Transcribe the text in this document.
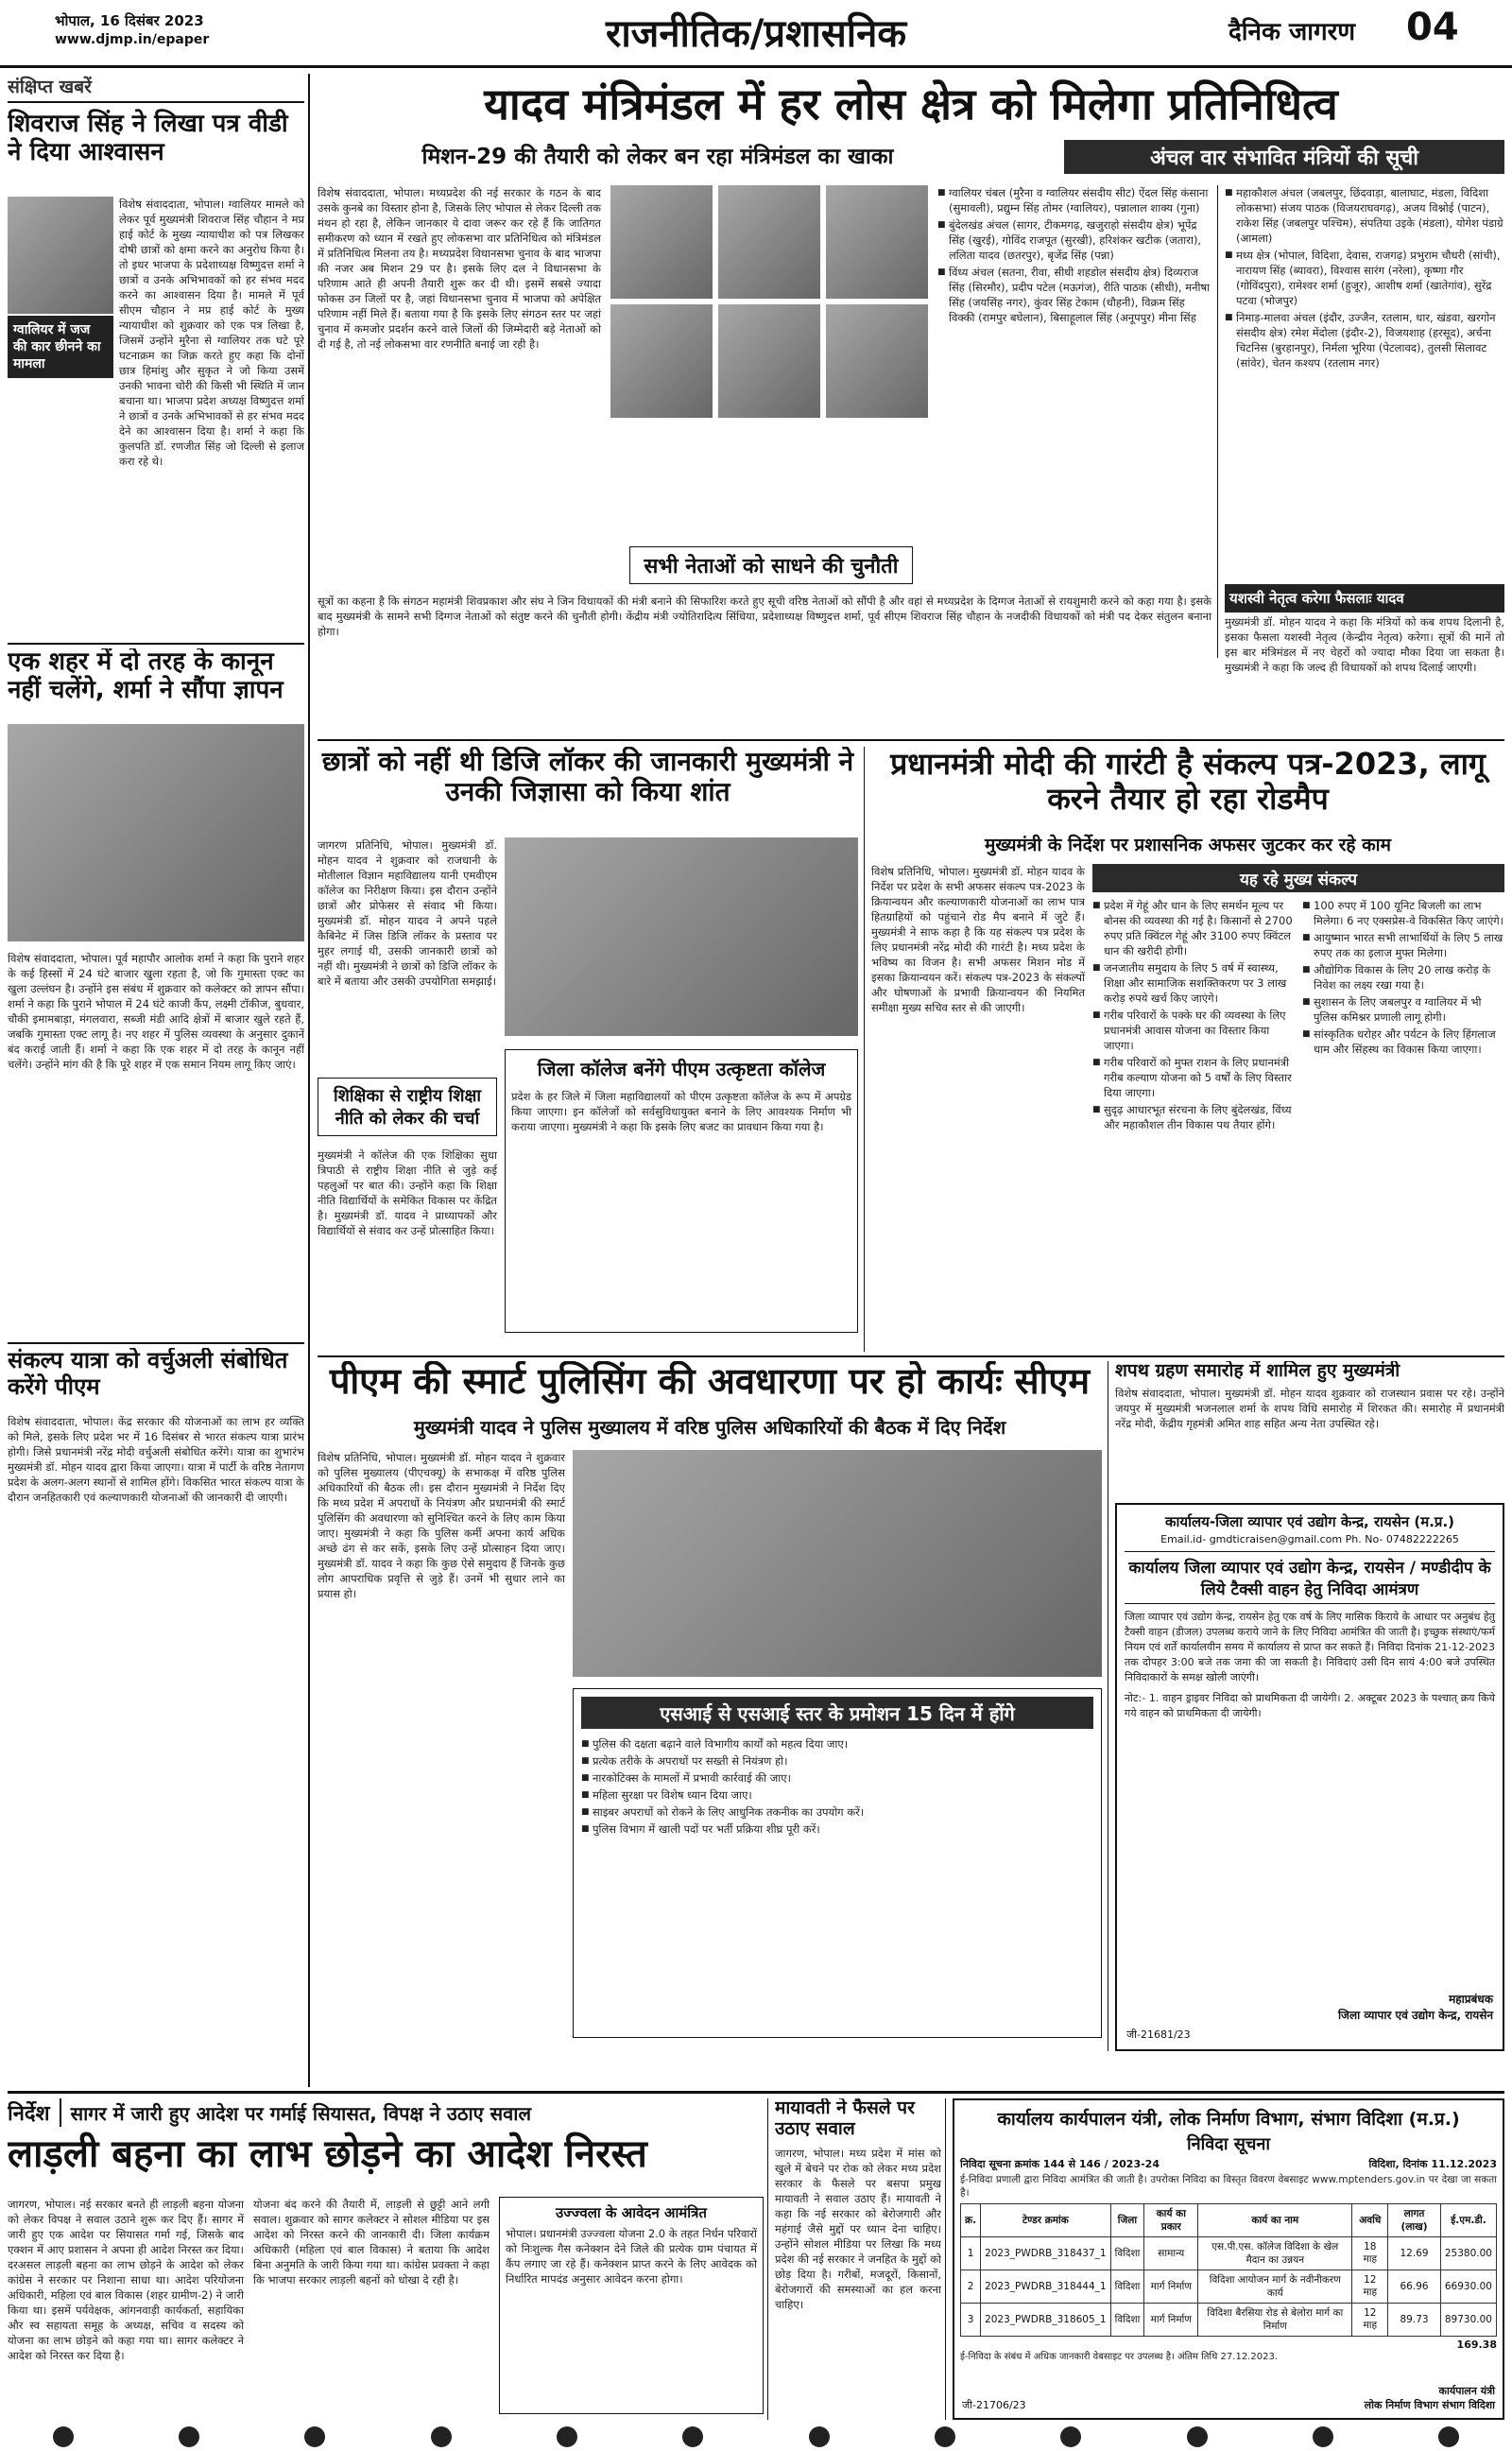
भोपाल, 16 दिसंबर 2023
www.djmp.in/epaper	राजनीतिक/प्रशासनिक	दैनिक जागरण 04
संक्षिप्त खबरें
शिवराज सिंह ने लिखा पत्र वीडी ने दिया आश्वासन
ग्वालियर में जज की कार छीनने का मामला
विशेष संवाददाता, भोपाल। ग्वालियर मामले को लेकर पूर्व मुख्यमंत्री शिवराज सिंह चौहान ने मप्र हाई कोर्ट के मुख्य न्यायाधीश को पत्र लिखकर दोषी छात्रों को क्षमा करने का अनुरोध किया है। तो इधर भाजपा के प्रदेशाध्यक्ष विष्णुदत्त शर्मा ने छात्रों व उनके अभिभावकों को हर संभव मदद करने का आश्वासन दिया है। मामले में पूर्व सीएम चौहान ने मप्र हाई कोर्ट के मुख्य न्यायाधीश को शुक्रवार को एक पत्र लिखा है, जिसमें उन्होंने मुरैना से ग्वालियर तक घटे पूरे घटनाक्रम का जिक्र करते हुए कहा कि दोनों छात्र हिमांशु और सुकृत ने जो किया उसमें उनकी भावना चोरी की किसी भी स्थिति में जान बचाना था। भाजपा प्रदेश अध्यक्ष विष्णुदत्त शर्मा ने छात्रों व उनके अभिभावकों से हर संभव मदद देने का आश्वासन दिया है। शर्मा ने कहा कि कुलपति डॉ. रणजीत सिंह जो दिल्ली से इलाज करा रहे थे।
एक शहर में दो तरह के कानून नहीं चलेंगे, शर्मा ने सौंपा ज्ञापन
विशेष संवाददाता, भोपाल। पूर्व महापौर आलोक शर्मा ने कहा कि पुराने शहर के कई हिस्सों में 24 घंटे बाजार खुला रहता है, जो कि गुमास्ता एक्ट का खुला उल्लंघन है। उन्होंने इस संबंध में शुक्रवार को कलेक्टर को ज्ञापन सौंपा। शर्मा ने कहा कि पुराने भोपाल में 24 घंटे काजी कैंप, लक्ष्मी टॉकीज, बुधवार, चौकी इमामबाड़ा, मंगलवारा, सब्जी मंडी आदि क्षेत्रों में बाजार खुले रहते हैं, जबकि गुमास्ता एक्ट लागू है। नए शहर में पुलिस व्यवस्था के अनुसार दुकानें बंद कराई जाती हैं। शर्मा ने कहा कि एक शहर में दो तरह के कानून नहीं चलेंगे। उन्होंने मांग की है कि पूरे शहर में एक समान नियम लागू किए जाएं।
संकल्प यात्रा को वर्चुअली संबोधित करेंगे पीएम
विशेष संवाददाता, भोपाल। केंद्र सरकार की योजनाओं का लाभ हर व्यक्ति को मिले, इसके लिए प्रदेश भर में 16 दिसंबर से भारत संकल्प यात्रा प्रारंभ होगी। जिसे प्रधानमंत्री नरेंद्र मोदी वर्चुअली संबोधित करेंगे। यात्रा का शुभारंभ मुख्यमंत्री डॉ. मोहन यादव द्वारा किया जाएगा। यात्रा में पार्टी के वरिष्ठ नेतागण प्रदेश के अलग-अलग स्थानों से शामिल होंगे। विकसित भारत संकल्प यात्रा के दौरान जनहितकारी एवं कल्याणकारी योजनाओं की जानकारी दी जाएगी।
यादव मंत्रिमंडल में हर लोस क्षेत्र को मिलेगा प्रतिनिधित्व
मिशन-29 की तैयारी को लेकर बन रहा मंत्रिमंडल का खाका	अंचल वार संभावित मंत्रियों की सूची
विशेष संवाददाता, भोपाल। मध्यप्रदेश की नई सरकार के गठन के बाद उसके कुनबे का विस्तार होना है, जिसके लिए भोपाल से लेकर दिल्ली तक मंथन हो रहा है, लेकिन जानकार ये दावा जरूर कर रहे हैं कि जातिगत समीकरण को ध्यान में रखते हुए लोकसभा वार प्रतिनिधित्व को मंत्रिमंडल में प्रतिनिधित्व मिलना तय है। मध्यप्रदेश विधानसभा चुनाव के बाद भाजपा की नजर अब मिशन 29 पर है। इसके लिए दल ने विधानसभा के परिणाम आते ही अपनी तैयारी शुरू कर दी थी। इसमें सबसे ज्यादा फोकस उन जिलों पर है, जहां विधानसभा चुनाव में भाजपा को अपेक्षित परिणाम नहीं मिले हैं। बताया गया है कि इसके लिए संगठन स्तर पर जहां चुनाव में कमजोर प्रदर्शन करने वाले जिलों की जिम्मेदारी बड़े नेताओं को दी गई है, तो नई लोकसभा वार रणनीति बनाई जा रही है।
■ ग्वालियर चंबल (मुरैना व ग्वालियर संसदीय सीट) ऐंदल सिंह कंसाना (सुमावली), प्रद्युम्न सिंह तोमर (ग्वालियर), पन्नालाल शाक्य (गुना)
■ बुंदेलखंड अंचल (सागर, टीकमगढ़, खजुराहो संसदीय क्षेत्र) भूपेंद्र सिंह (खुरई), गोविंद राजपूत (सुरखी), हरिशंकर खटीक (जतारा), ललिता यादव (छतरपुर), बृजेंद्र सिंह (पन्ना)
■ विंध्य अंचल (सतना, रीवा, सीधी शहडोल संसदीय क्षेत्र) दिव्यराज सिंह (सिरमौर), प्रदीप पटेल (मऊगंज), रीति पाठक (सीधी), मनीषा सिंह (जयसिंह नगर), कुंवर सिंह टेकाम (धौहनी), विक्रम सिंह विक्की (रामपुर बघेलान), बिसाहूलाल सिंह (अनूपपुर) मीना सिंह
■ महाकौशल अंचल (जबलपुर, छिंदवाड़ा, बालाघाट, मंडला, विदिशा लोकसभा) संजय पाठक (विजयराघवगढ़), अजय विश्नोई (पाटन), राकेश सिंह (जबलपुर पश्चिम), संपतिया उइके (मंडला), योगेश पंडाग्रे (आमला)
■ मध्य क्षेत्र (भोपाल, विदिशा, देवास, राजगढ़) प्रभुराम चौधरी (सांची), नारायण सिंह (ब्यावरा), विश्वास सारंग (नरेला), कृष्णा गौर (गोविंदपुरा), रामेश्वर शर्मा (हुजूर), आशीष शर्मा (खातेगांव), सुरेंद्र पटवा (भोजपुर)
■ निमाड़-मालवा अंचल (इंदौर, उज्जैन, रतलाम, धार, खंडवा, खरगोन संसदीय क्षेत्र) रमेश मेंदोला (इंदौर-2), विजयशाह (हरसूद), अर्चना चिटनिस (बुरहानपुर), निर्मला भूरिया (पेटलावद), तुलसी सिलावट (सांवेर), चेतन कश्यप (रतलाम नगर)
सभी नेताओं को साधने की चुनौती
सूत्रों का कहना है कि संगठन महामंत्री शिवप्रकाश और संघ ने जिन विधायकों की मंत्री बनाने की सिफारिश करते हुए सूची वरिष्ठ नेताओं को सौंपी है और वहां से मध्यप्रदेश के दिग्गज नेताओं से रायशुमारी करने को कहा गया है। इसके बाद मुख्यमंत्री के सामने सभी दिग्गज नेताओं को संतुष्ट करने की चुनौती होगी। केंद्रीय मंत्री ज्योतिरादित्य सिंधिया, प्रदेशाध्यक्ष विष्णुदत्त शर्मा, पूर्व सीएम शिवराज सिंह चौहान के नजदीकी विधायकों को मंत्री पद देकर संतुलन बनाना होगा।
यशस्वी नेतृत्व करेगा फैसलाः यादव
मुख्यमंत्री डॉ. मोहन यादव ने कहा कि मंत्रियों को कब शपथ दिलानी है, इसका फैसला यशस्वी नेतृत्व (केन्द्रीय नेतृत्व) करेगा। सूत्रों की मानें तो इस बार मंत्रिमंडल में नए चेहरों को ज्यादा मौका दिया जा सकता है। मुख्यमंत्री ने कहा कि जल्द ही विधायकों को शपथ दिलाई जाएगी।
छात्रों को नहीं थी डिजि लॉकर की जानकारी मुख्यमंत्री ने उनकी जिज्ञासा को किया शांत
जागरण प्रतिनिधि, भोपाल। मुख्यमंत्री डॉ. मोहन यादव ने शुक्रवार को राजधानी के मोतीलाल विज्ञान महाविद्यालय यानी एमवीएम कॉलेज का निरीक्षण किया। इस दौरान उन्होंने छात्रों और प्रोफेसर से संवाद भी किया। मुख्यमंत्री डॉ. मोहन यादव ने अपने पहले कैबिनेट में जिस डिजि लॉकर के प्रस्ताव पर मुहर लगाई थी, उसकी जानकारी छात्रों को नहीं थी। मुख्यमंत्री ने छात्रों को डिजि लॉकर के बारे में बताया और उसकी उपयोगिता समझाई।
शिक्षिका से राष्ट्रीय शिक्षा नीति को लेकर की चर्चा
मुख्यमंत्री ने कॉलेज की एक शिक्षिका सुधा त्रिपाठी से राष्ट्रीय शिक्षा नीति से जुड़े कई पहलुओं पर बात की। उन्होंने कहा कि शिक्षा नीति विद्यार्थियों के समेकित विकास पर केंद्रित है। मुख्यमंत्री डॉ. यादव ने प्राध्यापकों और विद्यार्थियों से संवाद कर उन्हें प्रोत्साहित किया।
जिला कॉलेज बनेंगे पीएम उत्कृष्टता कॉलेज
प्रदेश के हर जिले में जिला महाविद्यालयों को पीएम उत्कृष्टता कॉलेज के रूप में अपग्रेड किया जाएगा। इन कॉलेजों को सर्वसुविधायुक्त बनाने के लिए आवश्यक निर्माण भी कराया जाएगा। मुख्यमंत्री ने कहा कि इसके लिए बजट का प्रावधान किया गया है।
प्रधानमंत्री मोदी की गारंटी है संकल्प पत्र-2023, लागू करने तैयार हो रहा रोडमैप
मुख्यमंत्री के निर्देश पर प्रशासनिक अफसर जुटकर कर रहे काम
विशेष प्रतिनिधि, भोपाल। मुख्यमंत्री डॉ. मोहन यादव के निर्देश पर प्रदेश के सभी अफसर संकल्प पत्र-2023 के क्रियान्वयन और कल्याणकारी योजनाओं का लाभ पात्र हितग्राहियों को पहुंचाने रोड मैप बनाने में जुटे हैं। मुख्यमंत्री ने साफ कहा है कि यह संकल्प पत्र प्रदेश के लिए प्रधानमंत्री नरेंद्र मोदी की गारंटी है। मध्य प्रदेश के भविष्य का विजन है। सभी अफसर मिशन मोड में इसका क्रियान्वयन करें। संकल्प पत्र-2023 के संकल्पों और घोषणाओं के प्रभावी क्रियान्वयन की नियमित समीक्षा मुख्य सचिव स्तर से की जाएगी।
यह रहे मुख्य संकल्प
■ प्रदेश में गेहूं और धान के लिए समर्थन मूल्य पर बोनस की व्यवस्था की गई है। किसानों से 2700 रुपए प्रति क्विंटल गेहूं और 3100 रुपए क्विंटल धान की खरीदी होगी।
■ जनजातीय समुदाय के लिए 5 वर्ष में स्वास्थ्य, शिक्षा और सामाजिक सशक्तिकरण पर 3 लाख करोड़ रुपये खर्च किए जाएंगे।
■ गरीब परिवारों के पक्के घर की व्यवस्था के लिए प्रधानमंत्री आवास योजना का विस्तार किया जाएगा।
■ गरीब परिवारों को मुफ्त राशन के लिए प्रधानमंत्री गरीब कल्याण योजना को 5 वर्षों के लिए विस्तार दिया जाएगा।
■ सुदृढ़ आधारभूत संरचना के लिए बुंदेलखंड, विंध्य और महाकौशल तीन विकास पथ तैयार होंगे।
■ 100 रुपए में 100 यूनिट बिजली का लाभ मिलेगा। 6 नए एक्सप्रेस-वे विकसित किए जाएंगे।
■ आयुष्मान भारत सभी लाभार्थियों के लिए 5 लाख रुपए तक का इलाज मुफ्त मिलेगा।
■ औद्योगिक विकास के लिए 20 लाख करोड़ के निवेश का लक्ष्य रखा गया है।
■ सुशासन के लिए जबलपुर व ग्वालियर में भी पुलिस कमिश्नर प्रणाली लागू होगी।
■ सांस्कृतिक धरोहर और पर्यटन के लिए हिंगलाज धाम और सिंहस्थ का विकास किया जाएगा।
पीएम की स्मार्ट पुलिसिंग की अवधारणा पर हो कार्यः सीएम
मुख्यमंत्री यादव ने पुलिस मुख्यालय में वरिष्ठ पुलिस अधिकारियों की बैठक में दिए निर्देश
विशेष प्रतिनिधि, भोपाल। मुख्यमंत्री डॉ. मोहन यादव ने शुक्रवार को पुलिस मुख्यालय (पीएचक्यू) के सभाकक्ष में वरिष्ठ पुलिस अधिकारियों की बैठक ली। इस दौरान मुख्यमंत्री ने निर्देश दिए कि मध्य प्रदेश में अपराधों के नियंत्रण और प्रधानमंत्री की स्मार्ट पुलिसिंग की अवधारणा को सुनिश्चित करने के लिए काम किया जाए। मुख्यमंत्री ने कहा कि पुलिस कर्मी अपना कार्य अधिक अच्छे ढंग से कर सकें, इसके लिए उन्हें प्रोत्साहन दिया जाए। मुख्यमंत्री डॉ. यादव ने कहा कि कुछ ऐसे समुदाय हैं जिनके कुछ लोग आपराधिक प्रवृत्ति से जुड़े हैं। उनमें भी सुधार लाने का प्रयास हो।
एसआई से एसआई स्तर के प्रमोशन 15 दिन में होंगे
■ पुलिस की दक्षता बढ़ाने वाले विभागीय कार्यों को महत्व दिया जाए।
■ प्रत्येक तरीके के अपराधों पर सख्ती से नियंत्रण हो।
■ नारकोटिक्स के मामलों में प्रभावी कार्रवाई की जाए।
■ महिला सुरक्षा पर विशेष ध्यान दिया जाए।
■ साइबर अपराधों को रोकने के लिए आधुनिक तकनीक का उपयोग करें।
■ पुलिस विभाग में खाली पदों पर भर्ती प्रक्रिया शीघ्र पूरी करें।
शपथ ग्रहण समारोह में शामिल हुए मुख्यमंत्री
विशेष संवाददाता, भोपाल। मुख्यमंत्री डॉ. मोहन यादव शुक्रवार को राजस्थान प्रवास पर रहे। उन्होंने जयपुर में मुख्यमंत्री भजनलाल शर्मा के शपथ विधि समारोह में शिरकत की। समारोह में प्रधानमंत्री नरेंद्र मोदी, केंद्रीय गृहमंत्री अमित शाह सहित अन्य नेता उपस्थित रहे।
कार्यालय-जिला व्यापार एवं उद्योग केन्द्र, रायसेन (म.प्र.)
Email.id- gmdticraisen@gmail.com Ph. No- 07482222265
कार्यालय जिला व्यापार एवं उद्योग केन्द्र, रायसेन / मण्डीदीप के लिये टैक्सी वाहन हेतु निविदा आमंत्रण
जिला व्यापार एवं उद्योग केन्द्र, रायसेन हेतु एक वर्ष के लिए मासिक किराये के आधार पर अनुबंध हेतु टैक्सी वाहन (डीजल) उपलब्ध कराये जाने के लिए निविदा आमंत्रित की जाती है। इच्छुक संस्थाएं/फर्म नियम एवं शर्तें कार्यालयीन समय में कार्यालय से प्राप्त कर सकते हैं। निविदा दिनांक 21-12-2023 तक दोपहर 3:00 बजे तक जमा की जा सकती है। निविदाएं उसी दिन सायं 4:00 बजे उपस्थित निविदाकारों के समक्ष खोली जाएंगी।
नोट:- 1. वाहन ड्राइवर निविदा को प्राथमिकता दी जायेगी। 2. अक्टूबर 2023 के पश्चात् क्रय किये गये वाहन को प्राथमिकता दी जायेगी।
महाप्रबंधक
जिला व्यापार एवं उद्योग केन्द्र, रायसेन
जी-21681/23
निर्देश	सागर में जारी हुए आदेश पर गर्माई सियासत, विपक्ष ने उठाए सवाल
लाड़ली बहना का लाभ छोड़ने का आदेश निरस्त
जागरण, भोपाल। नई सरकार बनते ही लाड़ली बहना योजना को लेकर विपक्ष ने सवाल उठाने शुरू कर दिए हैं। सागर में जारी हुए एक आदेश पर सियासत गर्मा गई, जिसके बाद एक्शन में आए प्रशासन ने अपना ही आदेश निरस्त कर दिया। दरअसल लाड़ली बहना का लाभ छोड़ने के आदेश को लेकर कांग्रेस ने सरकार पर निशाना साधा था। आदेश परियोजना अधिकारी, महिला एवं बाल विकास (शहर ग्रामीण-2) ने जारी किया था। इसमें पर्यवेक्षक, आंगनवाड़ी कार्यकर्ता, सहायिका और स्व सहायता समूह के अध्यक्ष, सचिव व सदस्य को योजना का लाभ छोड़ने को कहा गया था। सागर कलेक्टर ने आदेश को निरस्त कर दिया है।
योजना बंद करने की तैयारी में, लाड़ली से छुट्टी आने लगी सवाल। शुक्रवार को सागर कलेक्टर ने सोशल मीडिया पर इस आदेश को निरस्त करने की जानकारी दी। जिला कार्यक्रम अधिकारी (महिला एवं बाल विकास) ने बताया कि आदेश बिना अनुमति के जारी किया गया था। कांग्रेस प्रवक्ता ने कहा कि भाजपा सरकार लाड़ली बहनों को धोखा दे रही है।
उज्ज्वला के आवेदन आमंत्रित
भोपाल। प्रधानमंत्री उज्ज्वला योजना 2.0 के तहत निर्धन परिवारों को निःशुल्क गैस कनेक्शन देने जिले की प्रत्येक ग्राम पंचायत में कैंप लगाए जा रहे हैं। कनेक्शन प्राप्त करने के लिए आवेदक को निर्धारित मापदंड अनुसार आवेदन करना होगा।
मायावती ने फैसले पर उठाए सवाल
जागरण, भोपाल। मध्य प्रदेश में मांस को खुले में बेचने पर रोक को लेकर मध्य प्रदेश सरकार के फैसले पर बसपा प्रमुख मायावती ने सवाल उठाए हैं। मायावती ने कहा कि नई सरकार को बेरोजगारी और महंगाई जैसे मुद्दों पर ध्यान देना चाहिए। उन्होंने सोशल मीडिया पर लिखा कि मध्य प्रदेश की नई सरकार ने जनहित के मुद्दों को छोड़ दिया है। गरीबों, मजदूरों, किसानों, बेरोजगारों की समस्याओं का हल करना चाहिए।
कार्यालय कार्यपालन यंत्री, लोक निर्माण विभाग, संभाग विदिशा (म.प्र.)
निविदा सूचना
निविदा सूचना क्रमांक 144 से 146 / 2023-24	विदिशा, दिनांक 11.12.2023
ई-निविदा प्रणाली द्वारा निविदा आमंत्रित की जाती है। उपरोक्त निविदा का विस्तृत विवरण वेबसाइट www.mptenders.gov.in पर देखा जा सकता है।
क्र.	टेण्डर क्रमांक	जिला	कार्य का प्रकार	कार्य का नाम	अवधि	लागत (लाख)	ई.एम.डी.
1	2023_PWDRB_318437_1	विदिशा	सामान्य	एस.पी.एस. कॉलेज विदिशा के खेल मैदान का उन्नयन	18 माह	12.69	25380.00
2	2023_PWDRB_318444_1	विदिशा	मार्ग निर्माण	विदिशा आयोजन मार्ग के नवीनीकरण कार्य	12 माह	66.96	66930.00
3	2023_PWDRB_318605_1	विदिशा	मार्ग निर्माण	विदिशा बैरसिया रोड से बेलोरा मार्ग का निर्माण	12 माह	89.73	89730.00
169.38
ई-निविदा के संबंध में अधिक जानकारी वेबसाइट पर उपलब्ध है। अंतिम तिथि 27.12.2023.
कार्यपालन यंत्री
लोक निर्माण विभाग संभाग विदिशा
जी-21706/23
